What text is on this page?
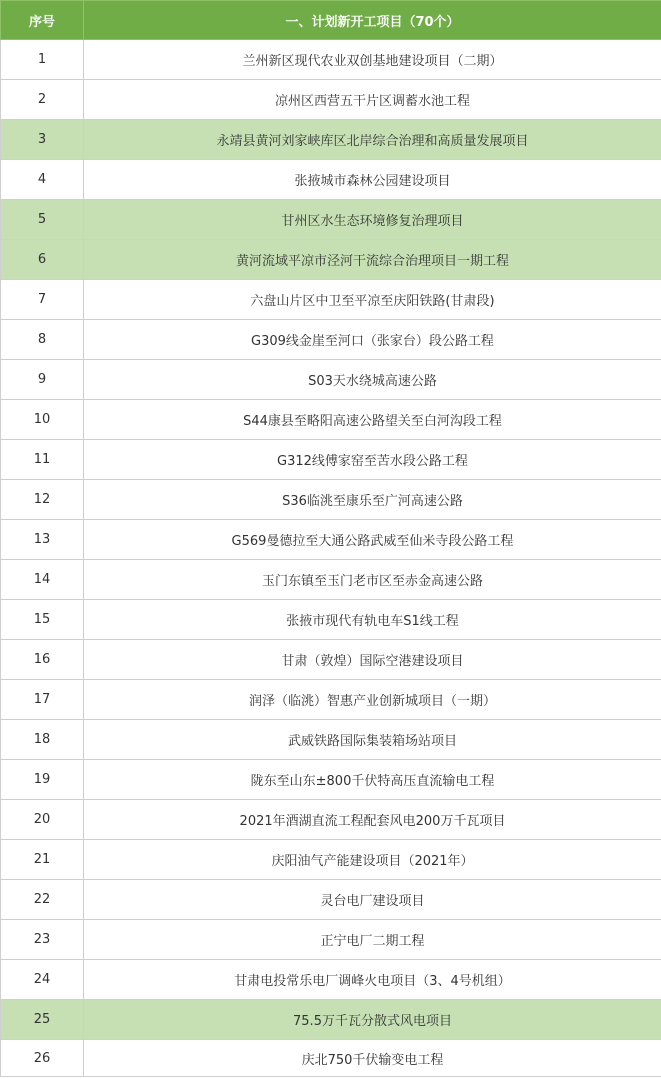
序号	一、计划新开工项目（70个）
1	兰州新区现代农业双创基地建设项目（二期）
2	凉州区西营五干片区调蓄水池工程
3	永靖县黄河刘家峡库区北岸综合治理和高质量发展项目
4	张掖城市森林公园建设项目
5	甘州区水生态环境修复治理项目
6	黄河流域平凉市泾河干流综合治理项目一期工程
7	六盘山片区中卫至平凉至庆阳铁路(甘肃段)
8	G309线金崖至河口（张家台）段公路工程
9	S03天水绕城高速公路
10	S44康县至略阳高速公路望关至白河沟段工程
11	G312线傅家窑至苦水段公路工程
12	S36临洮至康乐至广河高速公路
13	G569曼德拉至大通公路武威至仙米寺段公路工程
14	玉门东镇至玉门老市区至赤金高速公路
15	张掖市现代有轨电车S1线工程
16	甘肃（敦煌）国际空港建设项目
17	润泽（临洮）智惠产业创新城项目（一期）
18	武威铁路国际集装箱场站项目
19	陇东至山东±800千伏特高压直流输电工程
20	2021年酒湖直流工程配套风电200万千瓦项目
21	庆阳油气产能建设项目（2021年）
22	灵台电厂建设项目
23	正宁电厂二期工程
24	甘肃电投常乐电厂调峰火电项目（3、4号机组）
25	75.5万千瓦分散式风电项目
26	庆北750千伏输变电工程
